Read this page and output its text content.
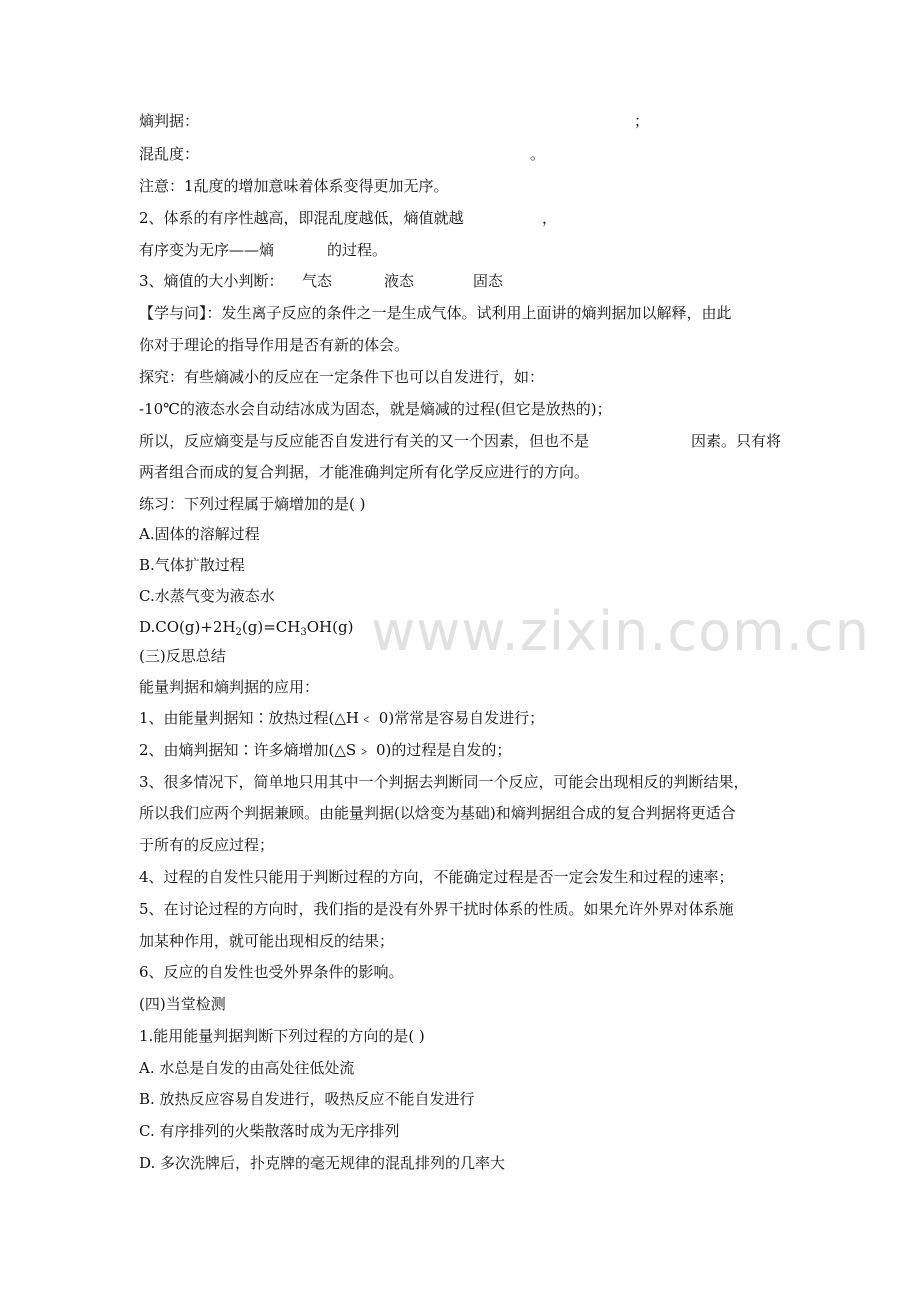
熵判据：	；
混乱度：	。
注意：1乱度的增加意味着体系变得更加无序。
2、体系的有序性越高，即混乱度越低，熵值就越	，
有序变为无序——熵	的过程。
3、熵值的大小判断：	气态	液态	固态
【学与问】：发生离子反应的条件之一是生成气体。试利用上面讲的熵判据加以解释，由此
你对于理论的指导作用是否有新的体会。
探究：有些熵减小的反应在一定条件下也可以自发进行，如：
-10℃的液态水会自动结冰成为固态，就是熵减的过程(但它是放热的)；
所以，反应熵变是与反应能否自发进行有关的又一个因素，但也不是	因素。只有将
两者组合而成的复合判据，才能准确判定所有化学反应进行的方向。
练习：下列过程属于熵增加的是( )
A.固体的溶解过程
B.气体扩散过程
C.水蒸气变为液态水
$D.CO(g)+2H_2(g)=CH_3OH(g)$
(三)反思总结
能量判据和熵判据的应用：
1、由能量判据知∶放热过程(△H﹤ 0)常常是容易自发进行；
2、由熵判据知∶许多熵增加(△S﹥ 0)的过程是自发的；
3、很多情况下，简单地只用其中一个判据去判断同一个反应，可能会出现相反的判断结果，
所以我们应两个判据兼顾。由能量判据(以焓变为基础)和熵判据组合成的复合判据将更适合
于所有的反应过程；
4、过程的自发性只能用于判断过程的方向，不能确定过程是否一定会发生和过程的速率；
5、在讨论过程的方向时，我们指的是没有外界干扰时体系的性质。如果允许外界对体系施
加某种作用，就可能出现相反的结果；
6、反应的自发性也受外界条件的影响。
(四)当堂检测
1.能用能量判据判断下列过程的方向的是( )
A. 水总是自发的由高处往低处流
B. 放热反应容易自发进行，吸热反应不能自发进行
C. 有序排列的火柴散落时成为无序排列
D. 多次洗牌后，扑克牌的毫无规律的混乱排列的几率大
www.zixin.com.cn
